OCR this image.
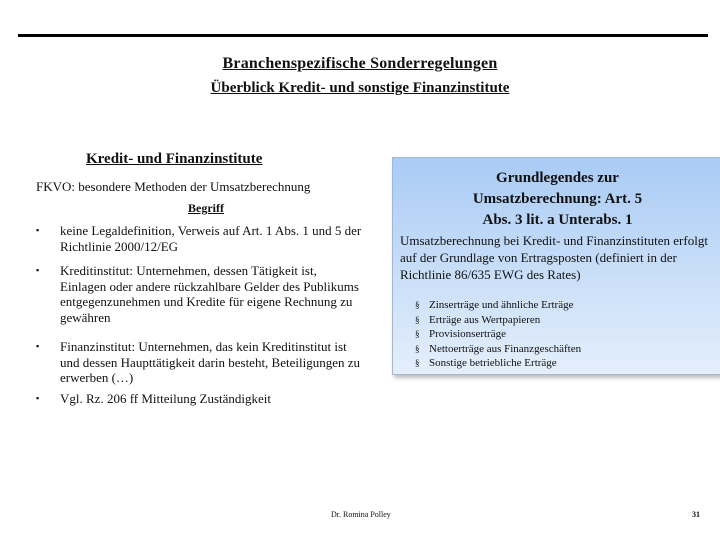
Branchenspezifische Sonderregelungen
Überblick Kredit- und sonstige Finanzinstitute
Kredit- und Finanzinstitute
FKVO: besondere Methoden der Umsatzberechnung
Begriff
▪ keine Legaldefinition, Verweis auf Art. 1 Abs. 1 und 5 der Richtlinie 2000/12/EG
▪ Kreditinstitut: Unternehmen, dessen Tätigkeit ist, Einlagen oder andere rückzahlbare Gelder des Publikums entgegenzunehmen und Kredite für eigene Rechnung zu gewähren
▪ Finanzinstitut: Unternehmen, das kein Kreditinstitut ist und dessen Haupttätigkeit darin besteht, Beteiligungen zu erwerben (…)
▪ Vgl. Rz. 206 ff Mitteilung Zuständigkeit
Grundlegendes zur
Umsatzberechnung: Art. 5
Abs. 3 lit. a Unterabs. 1
Umsatzberechnung bei Kredit- und Finanzinstituten erfolgt auf der Grundlage von Ertragsposten (definiert in der Richtlinie 86/635 EWG des Rates)
§ Zinserträge und ähnliche Erträge
§ Erträge aus Wertpapieren
§ Provisionserträge
§ Nettoerträge aus Finanzgeschäften
§ Sonstige betriebliche Erträge
Dr. Romina Polley	31
